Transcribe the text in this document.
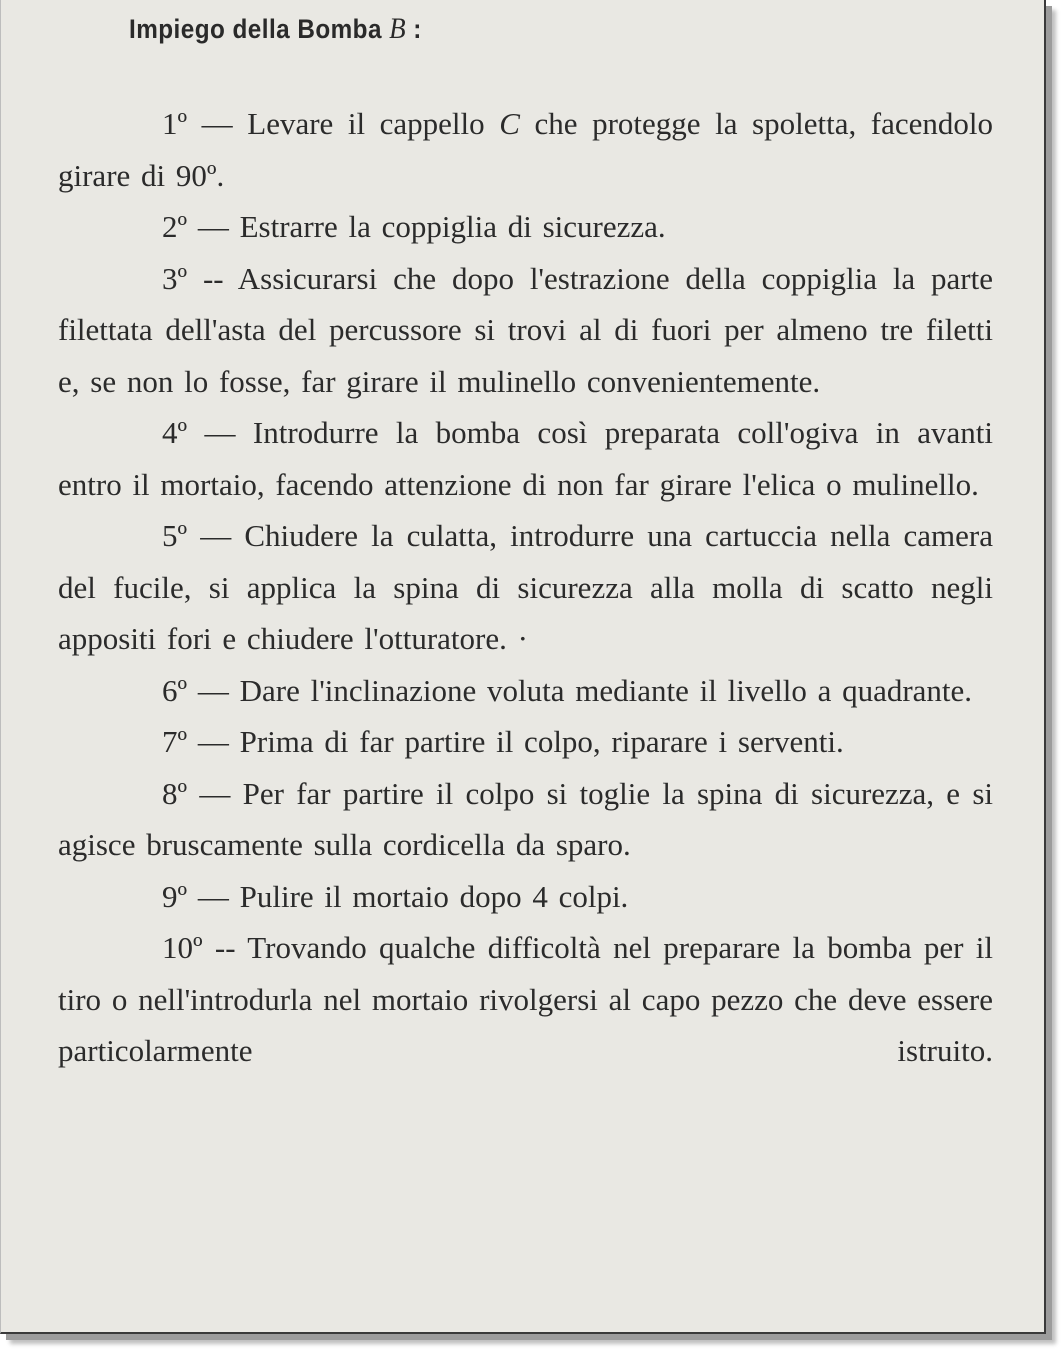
Impiego della Bomba B :

1º — Levare il cappello C che protegge la spoletta, facendolo girare di 90º.

2º — Estrarre la coppiglia di sicurezza.

3º -- Assicurarsi che dopo l'estrazione della coppiglia la parte filettata dell'asta del percussore si trovi al di fuori per almeno tre filetti e, se non lo fosse, far girare il mulinello convenientemente.

4º — Introdurre la bomba così preparata coll'ogiva in avanti entro il mortaio, facendo attenzione di non far girare l'elica o mulinello.

5º — Chiudere la culatta, introdurre una cartuccia nella camera del fucile, si applica la spina di sicurezza alla molla di scatto negli appositi fori e chiudere l'otturatore. ·

6º — Dare l'inclinazione voluta mediante il livello a quadrante.

7º — Prima di far partire il colpo, riparare i serventi.

8º — Per far partire il colpo si toglie la spina di sicurezza, e si agisce bruscamente sulla cordicella da sparo.

9º — Pulire il mortaio dopo 4 colpi.

10º -- Trovando qualche difficoltà nel preparare la bomba per il tiro o nell'introdurla nel mortaio rivolgersi al capo pezzo che deve essere particolarmente istruito.
